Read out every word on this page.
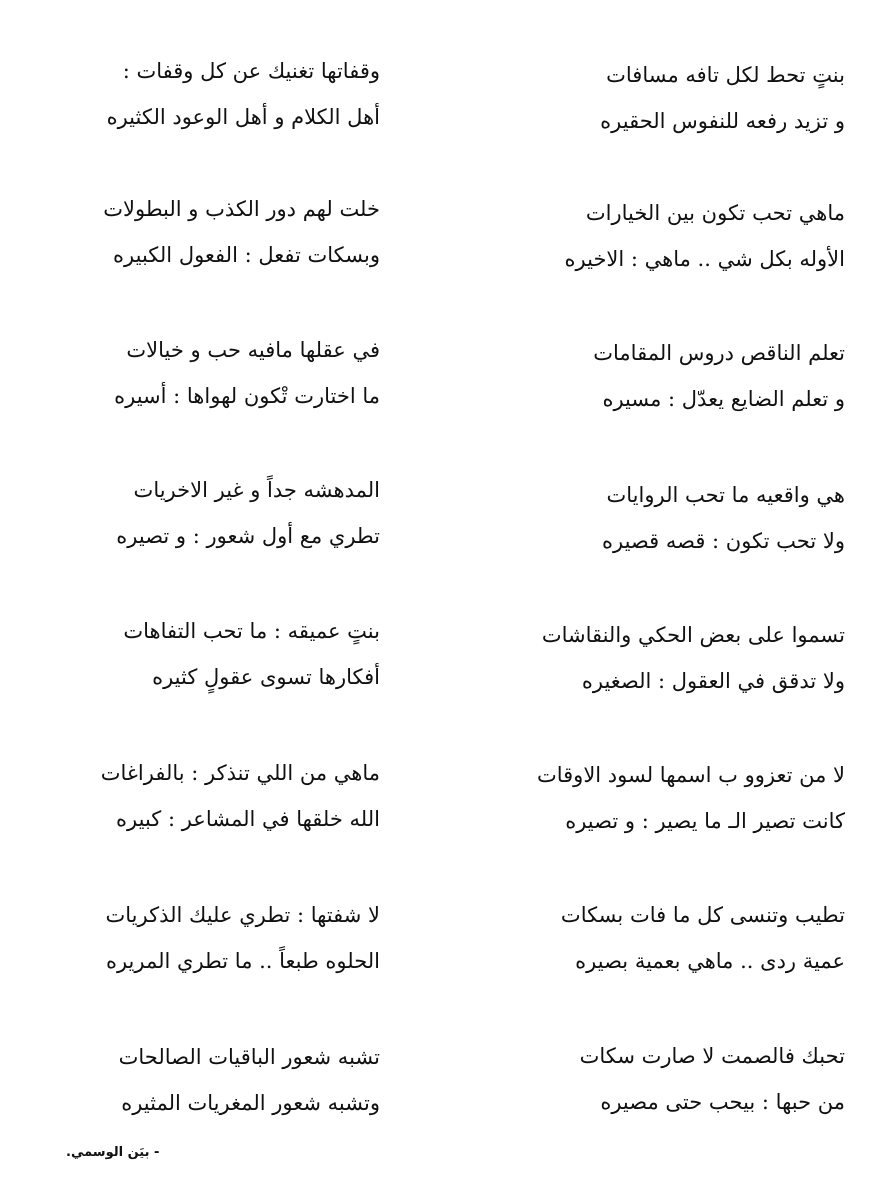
بنتٍ تحط لكل تافه مسافات
و تزيد رفعه للنفوس الحقيره
ماهي تحب تكون بين الخيارات
الأوله بكل شي .. ماهي : الاخيره
تعلم الناقص دروس المقامات
و تعلم الضايع يعدّل : مسيره
هي واقعيه ما تحب الروايات
ولا تحب تكون : قصه قصيره
تسموا على بعض الحكي والنقاشات
ولا تدقق في العقول : الصغيره
لا من تعزوو ب اسمها لسود الاوقات
كانت تصير الـ ما يصير : و تصيره
تطيب وتنسى كل ما فات بسكات
عمية ردى .. ماهي بعمية بصيره
تحبك فالصمت لا صارت سكات
من حبها : بيحب حتى مصيره
وقفاتها تغنيك عن كل وقفات :
أهل الكلام و أهل الوعود الكثيره
خلت لهم دور الكذب و البطولات
وبسكات تفعل : الفعول الكبيره
في عقلها مافيه حب و خيالات
ما اختارت تْكون لهواها : أسيره
المدهشه جداً و غير الاخريات
تطري مع أول شعور : و تصيره
بنتٍ عميقه : ما تحب التفاهات
أفكارها تسوى عقولٍ كثيره
ماهي من اللي تنذكر : بالفراغات
الله خلقها في المشاعر : كبيره
لا شفتها : تطري عليك الذكريات
الحلوه طبعاً .. ما تطري المريره
تشبه شعور الباقيات الصالحات
وتشبه شعور المغريات المثيره
- بيَن الوسمي.
